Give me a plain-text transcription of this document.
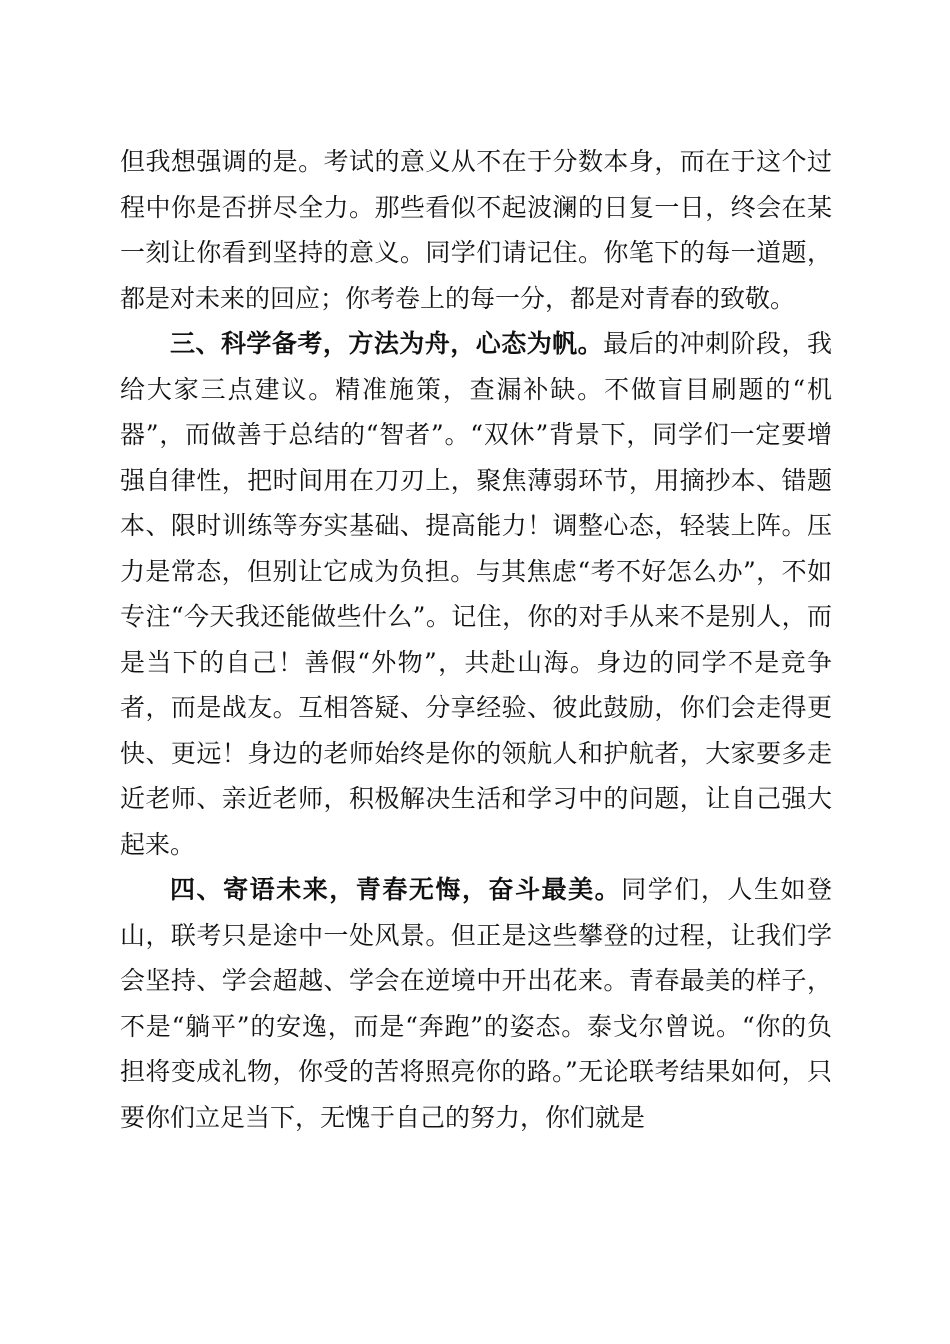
但我想强调的是。考试的意义从不在于分数本身，而在于这个过程中你是否拼尽全力。那些看似不起波澜的日复一日，终会在某一刻让你看到坚持的意义。同学们请记住。你笔下的每一道题，都是对未来的回应；你考卷上的每一分，都是对青春的致敬。

三、科学备考，方法为舟，心态为帆。最后的冲刺阶段，我给大家三点建议。精准施策，查漏补缺。不做盲目刷题的“机器”，而做善于总结的“智者”。“双休”背景下，同学们一定要增强自律性，把时间用在刀刃上，聚焦薄弱环节，用摘抄本、错题本、限时训练等夯实基础、提高能力！调整心态，轻装上阵。压力是常态，但别让它成为负担。与其焦虑“考不好怎么办”，不如专注“今天我还能做些什么”。记住，你的对手从来不是别人，而是当下的自己！善假“外物”，共赴山海。身边的同学不是竞争者，而是战友。互相答疑、分享经验、彼此鼓励，你们会走得更快、更远！身边的老师始终是你的领航人和护航者，大家要多走近老师、亲近老师，积极解决生活和学习中的问题，让自己强大起来。

四、寄语未来，青春无悔，奋斗最美。同学们，人生如登山，联考只是途中一处风景。但正是这些攀登的过程，让我们学会坚持、学会超越、学会在逆境中开出花来。青春最美的样子，不是“躺平”的安逸，而是“奔跑”的姿态。泰戈尔曾说。“你的负担将变成礼物，你受的苦将照亮你的路。”无论联考结果如何，只要你们立足当下，无愧于自己的努力，你们就是
